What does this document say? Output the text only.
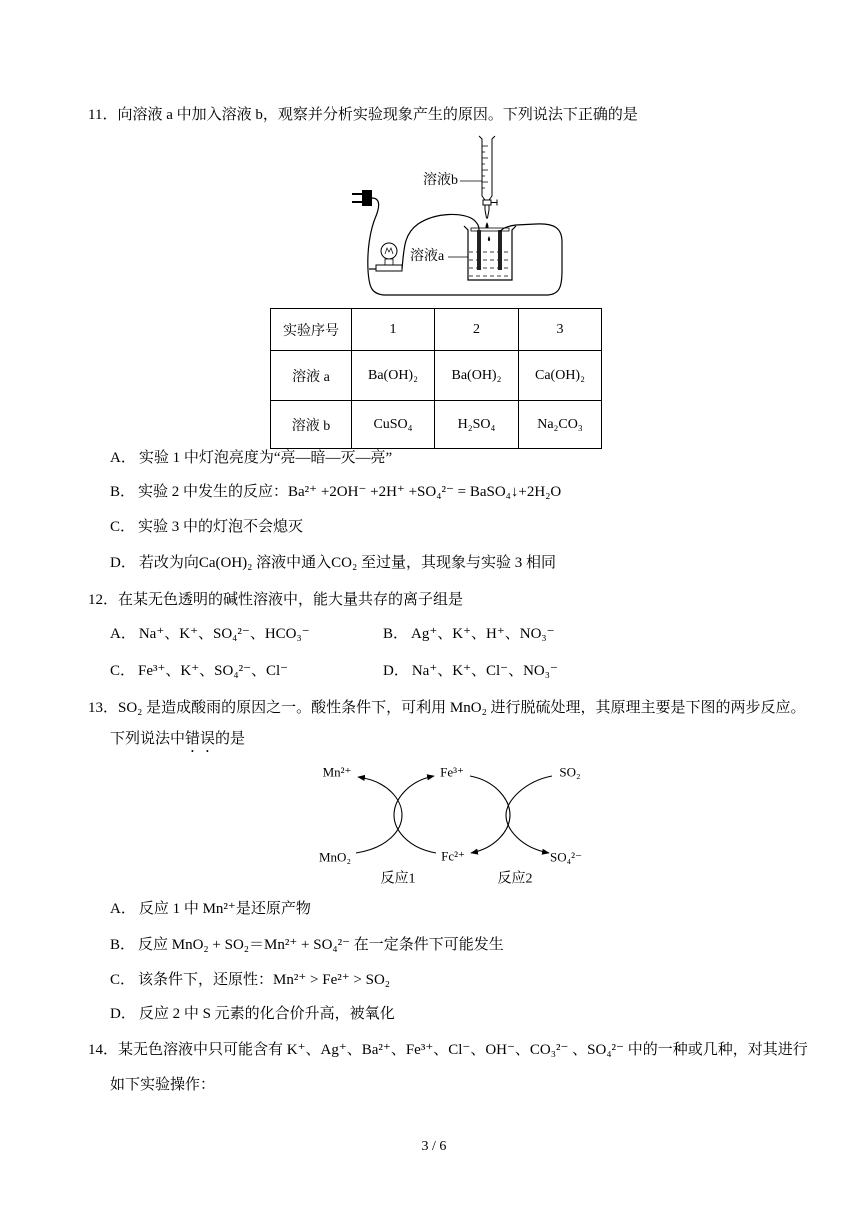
11．向溶液 a 中加入溶液 b，观察并分析实验现象产生的原因。下列说法下正确的是
溶液b
溶液a
实验序号	1	2	3
溶液 a	Ba(OH)₂	Ba(OH)₂	Ca(OH)₂
溶液 b	CuSO₄	H₂SO₄	Na₂CO₃
A． 实验 1 中灯泡亮度为“亮—暗—灭—亮”
B． 实验 2 中发生的反应：Ba²⁺ +2OH⁻ +2H⁺ +SO₄²⁻ = BaSO₄↓+2H₂O
C． 实验 3 中的灯泡不会熄灭
D． 若改为向Ca(OH)₂ 溶液中通入CO₂ 至过量，其现象与实验 3 相同
12．在某无色透明的碱性溶液中，能大量共存的离子组是
A． Na⁺、K⁺、SO₄²⁻、HCO₃⁻	B． Ag⁺、K⁺、H⁺、NO₃⁻
C． Fe³⁺、K⁺、SO₄²⁻、Cl⁻	D． Na⁺、K⁺、Cl⁻、NO₃⁻
13．SO₂ 是造成酸雨的原因之一。酸性条件下，可利用 MnO₂ 进行脱硫处理，其原理主要是下图的两步反应。
下列说法中错误的是
Mn²⁺	Fe³⁺	SO₂
MnO₂	Fc²⁺	SO₄²⁻
反应1	反应2
A． 反应 1 中 Mn²⁺是还原产物
B． 反应 MnO₂ + SO₂＝Mn²⁺ + SO₄²⁻ 在一定条件下可能发生
C． 该条件下，还原性：Mn²⁺ > Fe²⁺ > SO₂
D． 反应 2 中 S 元素的化合价升高，被氧化
14．某无色溶液中只可能含有 K⁺、Ag⁺、Ba²⁺、Fe³⁺、Cl⁻、OH⁻、CO₃²⁻ 、SO₄²⁻ 中的一种或几种，对其进行
如下实验操作：
3 / 6
